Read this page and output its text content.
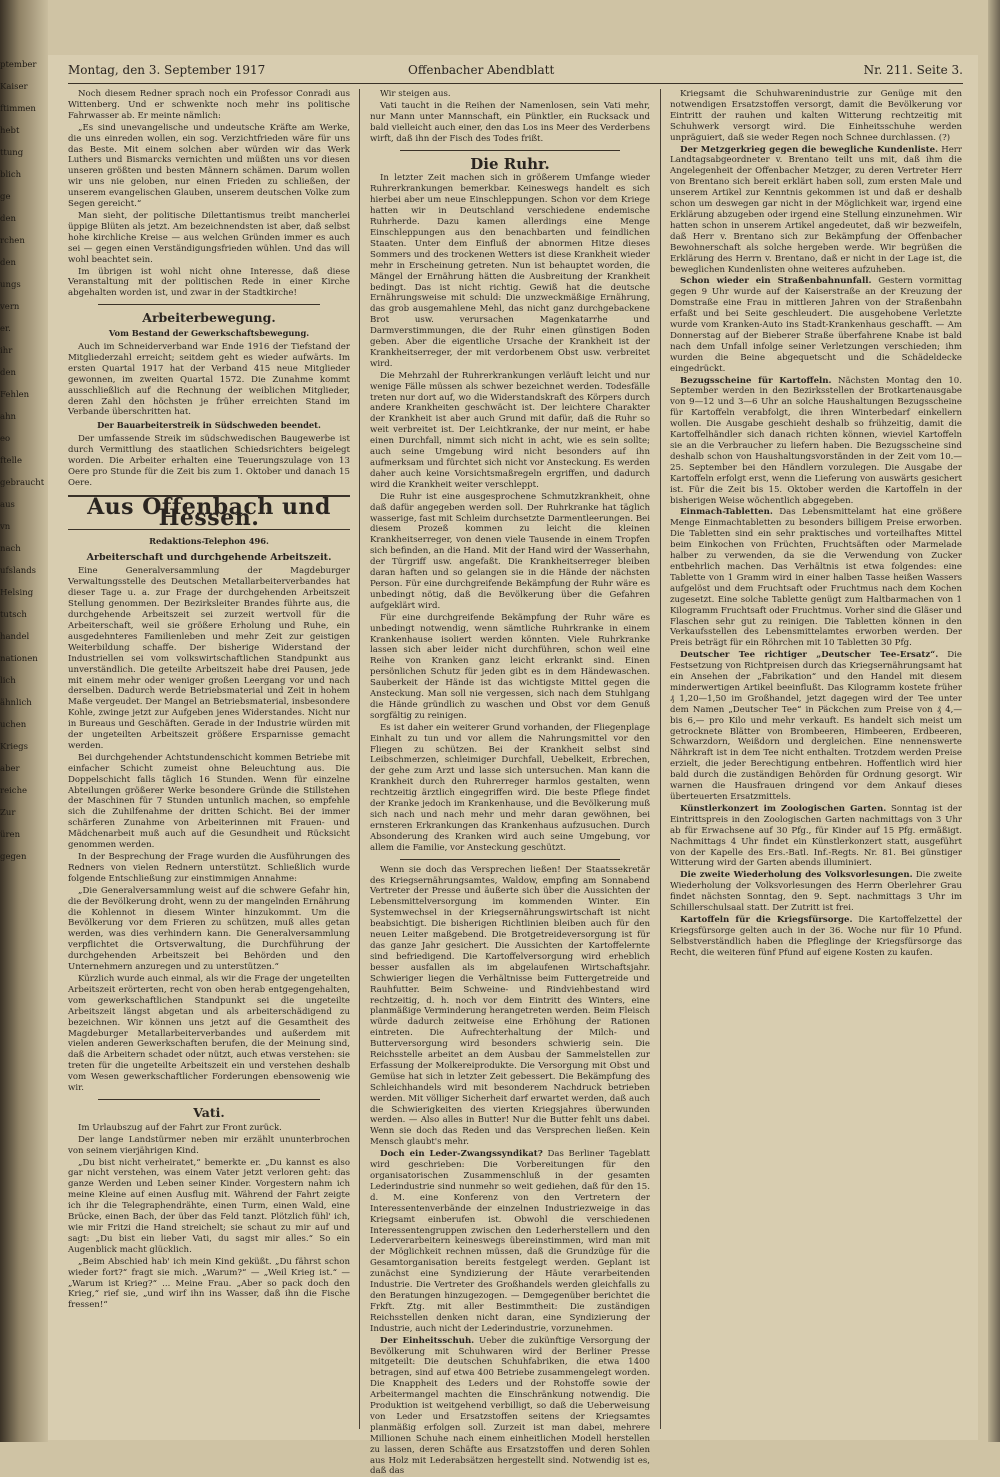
ptember
Kaiser
ftimmen
hebt
ttung
blich
ge
den
rchen
den
ungs
vern
er.
ihr
den
Fehlen
ahn
eo
ftelle
gebraucht
aus
vn
nach
ufslands
Helsing
tutsch
handel
nationen
lich
ähnlich
uchen
Kriegs
aber
reiche
Zur
üren
gegen
Montag, den 3. September 1917	Offenbacher Abendblatt	Nr. 211. Seite 3.

Noch diesem Redner sprach noch ein Professor Conradi aus Wittenberg. Und er schwenkte noch mehr ins politische Fahrwasser ab. Er meinte nämlich:

„Es sind unevangelische und undeutsche Kräfte am Werke, die uns einreden wollen, ein sog. Verzichtfrieden wäre für uns das Beste. Mit einem solchen aber würden wir das Werk Luthers und Bismarcks vernichten und müßten uns vor diesen unseren größten und besten Männern schämen. Darum wollen wir uns nie geloben, nur einen Frieden zu schließen, der unserem evangelischen Glauben, unserem deutschen Volke zum Segen gereicht.“

Man sieht, der politische Dilettantismus treibt mancherlei üppige Blüten als jetzt. Am bezeichnendsten ist aber, daß selbst hohe kirchliche Kreise — aus welchen Gründen immer es auch sei — gegen einen Verständigungsfrieden wühlen. Und das will wohl beachtet sein.

Im übrigen ist wohl nicht ohne Interesse, daß diese Veranstaltung mit der politischen Rede in einer Kirche abgehalten worden ist, und zwar in der Stadtkirche!

Arbeiterbewegung.
Vom Bestand der Gewerkschaftsbewegung.

Auch im Schneiderverband war Ende 1916 der Tiefstand der Mitgliederzahl erreicht; seitdem geht es wieder aufwärts. Im ersten Quartal 1917 hat der Verband 415 neue Mitglieder gewonnen, im zweiten Quartal 1572. Die Zunahme kommt ausschließlich auf die Rechnung der weiblichen Mitglieder, deren Zahl den höchsten je früher erreichten Stand im Verbande überschritten hat.

Der Bauarbeiterstreik in Südschweden beendet.

Der umfassende Streik im südschwedischen Baugewerbe ist durch Vermittlung des staatlichen Schiedsrichters beigelegt worden. Die Arbeiter erhalten eine Teuerungszulage von 13 Oere pro Stunde für die Zeit bis zum 1. Oktober und danach 15 Oere.

Aus Offenbach und Hessen.
Redaktions-Telephon 496.
Arbeiterschaft und durchgehende Arbeitszeit.

Eine Generalversammlung der Magdeburger Verwaltungsstelle des Deutschen Metallarbeiterverbandes hat dieser Tage u. a. zur Frage der durchgehenden Arbeitszeit Stellung genommen. Der Bezirksleiter Brandes führte aus, die durchgehende Arbeitszeit sei zurzeit wertvoll für die Arbeiterschaft, weil sie größere Erholung und Ruhe, ein ausgedehnteres Familienleben und mehr Zeit zur geistigen Weiterbildung schaffe. Der bisherige Widerstand der Industriellen sei vom volkswirtschaftlichen Standpunkt aus unverständlich. Die geteilte Arbeitszeit habe drei Pausen, jede mit einem mehr oder weniger großen Leergang vor und nach derselben. Dadurch werde Betriebsmaterial und Zeit in hohem Maße vergeudet. Der Mangel an Betriebsmaterial, insbesondere Kohle, zwinge jetzt zur Aufgeben jenes Widerstandes. Nicht nur in Bureaus und Geschäften. Gerade in der Industrie würden mit der ungeteilten Arbeitszeit größere Ersparnisse gemacht werden.

Bei durchgehender Achtstundenschicht kommen Betriebe mit einfacher Schicht zumeist ohne Beleuchtung aus. Die Doppelschicht falls täglich 16 Stunden. Wenn für einzelne Abteilungen größerer Werke besondere Gründe die Stillstehen der Maschinen für 7 Stunden untunlich machen, so empfehle sich die Zuhilfenahme der dritten Schicht. Bei der immer schärferen Zunahme von Arbeiterinnen mit Frauen- und Mädchenarbeit muß auch auf die Gesundheit und Rücksicht genommen werden.

In der Besprechung der Frage wurden die Ausführungen des Redners von vielen Rednern unterstützt. Schließlich wurde folgende Entschließung zur einstimmigen Annahme:

„Die Generalversammlung weist auf die schwere Gefahr hin, die der Bevölkerung droht, wenn zu der mangelnden Ernährung die Kohlennot in diesem Winter hinzukommt. Um die Bevölkerung vor dem Frieren zu schützen, muß alles getan werden, was dies verhindern kann. Die Generalversammlung verpflichtet die Ortsverwaltung, die Durchführung der durchgehenden Arbeitszeit bei Behörden und den Unternehmern anzuregen und zu unterstützen.“

Kürzlich wurde auch einmal, als wir die Frage der ungeteilten Arbeitszeit erörterten, recht von oben herab entgegengehalten, vom gewerkschaftlichen Standpunkt sei die ungeteilte Arbeitszeit längst abgetan und als arbeiterschädigend zu bezeichnen. Wir können uns jetzt auf die Gesamtheit des Magdeburger Metallarbeiterverbandes und außerdem mit vielen anderen Gewerkschaften berufen, die der Meinung sind, daß die Arbeitern schadet oder nützt, auch etwas verstehen: sie treten für die ungeteilte Arbeitszeit ein und verstehen deshalb vom Wesen gewerkschaftlicher Forderungen ebensowenig wie wir.

Vati.

Im Urlaubszug auf der Fahrt zur Front zurück.

Der lange Landstürmer neben mir erzählt ununterbrochen von seinem vierjährigen Kind.

„Du bist nicht verheiratet,“ bemerkte er. „Du kannst es also gar nicht verstehen, was einem Vater jetzt verloren geht: das ganze Werden und Leben seiner Kinder. Vorgestern nahm ich meine Kleine auf einen Ausflug mit. Während der Fahrt zeigte ich ihr die Telegraphendrähte, einen Turm, einen Wald, eine Brücke, einen Bach, der über das Feld tanzt. Plötzlich fühl' ich, wie mir Fritzi die Hand streichelt; sie schaut zu mir auf und sagt: „Du bist ein lieber Vati, du sagst mir alles.“ So ein Augenblick macht glücklich.

„Beim Abschied hab' ich mein Kind geküßt. „Du fährst schon wieder fort?“ fragt sie mich. „Warum?“ — „Weil Krieg ist.“ — „Warum ist Krieg?“ ... Meine Frau. „Aber so pack doch den Krieg,“ rief sie, „und wirf ihn ins Wasser, daß ihn die Fische fressen!“

Wir steigen aus.

Vati taucht in die Reihen der Namenlosen, sein Vati mehr, nur Mann unter Mannschaft, ein Pünktler, ein Rucksack und bald vielleicht auch einer, den das Los ins Meer des Verderbens wirft, daß ihn der Fisch des Todes frißt.

Die Ruhr.

In letzter Zeit machen sich in größerem Umfange wieder Ruhrerkrankungen bemerkbar. Keineswegs handelt es sich hierbei aber um neue Einschleppungen. Schon vor dem Kriege hatten wir in Deutschland verschiedene endemische Ruhrherde. Dazu kamen allerdings eine Menge Einschleppungen aus den benachbarten und feindlichen Staaten. Unter dem Einfluß der abnormen Hitze dieses Sommers und des trockenen Wetters ist diese Krankheit wieder mehr in Erscheinung getreten. Nun ist behauptet worden, die Mängel der Ernährung hätten die Ausbreitung der Krankheit bedingt. Das ist nicht richtig. Gewiß hat die deutsche Ernährungsweise mit schuld: Die unzweckmäßige Ernährung, das grob ausgemahlene Mehl, das nicht ganz durchgebackene Brot usw. verursachen Magenkatarrhe und Darmverstimmungen, die der Ruhr einen günstigen Boden geben. Aber die eigentliche Ursache der Krankheit ist der Krankheitserreger, der mit verdorbenem Obst usw. verbreitet wird.

Die Mehrzahl der Ruhrerkrankungen verläuft leicht und nur wenige Fälle müssen als schwer bezeichnet werden. Todesfälle treten nur dort auf, wo die Widerstandskraft des Körpers durch andere Krankheiten geschwächt ist. Der leichtere Charakter der Krankheit ist aber auch Grund mit dafür, daß die Ruhr so weit verbreitet ist. Der Leichtkranke, der nur meint, er habe einen Durchfall, nimmt sich nicht in acht, wie es sein sollte; auch seine Umgebung wird nicht besonders auf ihn aufmerksam und fürchtet sich nicht vor Ansteckung. Es werden daher auch keine Vorsichtsmaßregeln ergriffen, und dadurch wird die Krankheit weiter verschleppt.

Die Ruhr ist eine ausgesprochene Schmutzkrankheit, ohne daß dafür angegeben werden soll. Der Ruhrkranke hat täglich wasserige, fast mit Schleim durchsetzte Darmentleerungen. Bei diesem Prozeß kommen zu leicht die kleinen Krankheitserreger, von denen viele Tausende in einem Tropfen sich befinden, an die Hand. Mit der Hand wird der Wasserhahn, der Türgriff usw. angefaßt. Die Krankheitserreger bleiben daran haften und so gelangen sie in die Hände der nächsten Person. Für eine durchgreifende Bekämpfung der Ruhr wäre es unbedingt nötig, daß die Bevölkerung über die Gefahren aufgeklärt wird.

Für eine durchgreifende Bekämpfung der Ruhr wäre es unbedingt notwendig, wenn sämtliche Ruhrkranke in einem Krankenhause isoliert werden könnten. Viele Ruhrkranke lassen sich aber leider nicht durchführen, schon weil eine Reihe von Kranken ganz leicht erkrankt sind. Einen persönlichen Schutz für jeden gibt es in dem Händewaschen. Sauberkeit der Hände ist das wichtigste Mittel gegen die Ansteckung. Man soll nie vergessen, sich nach dem Stuhlgang die Hände gründlich zu waschen und Obst vor dem Genuß sorgfältig zu reinigen.

Es ist daher ein weiterer Grund vorhanden, der Fliegenplage Einhalt zu tun und vor allem die Nahrungsmittel vor den Fliegen zu schützen. Bei der Krankheit selbst sind Leibschmerzen, schleimiger Durchfall, Uebelkeit, Erbrechen, der gehe zum Arzt und lasse sich untersuchen. Man kann die Krankheit durch den Ruhrerreger harmlos gestalten, wenn rechtzeitig ärztlich eingegriffen wird. Die beste Pflege findet der Kranke jedoch im Krankenhause, und die Bevölkerung muß sich nach und nach mehr und mehr daran gewöhnen, bei ernsteren Erkrankungen das Krankenhaus aufzusuchen. Durch Absonderung des Kranken wird auch seine Umgebung, vor allem die Familie, vor Ansteckung geschützt.

Wenn sie doch das Versprechen ließen! Der Staatssekretär des Kriegsernährungsamtes, Waldow, empfing am Sonnabend Vertreter der Presse und äußerte sich über die Aussichten der Lebensmittelversorgung im kommenden Winter. Ein Systemwechsel in der Kriegsernährungswirtschaft ist nicht beabsichtigt. Die bisherigen Richtlinien bleiben auch für den neuen Leiter maßgebend. Die Brotgetreideversorgung ist für das ganze Jahr gesichert. Die Aussichten der Kartoffelernte sind befriedigend. Die Kartoffelversorgung wird erheblich besser ausfallen als im abgelaufenen Wirtschaftsjahr. Schwieriger liegen die Verhältnisse beim Futtergetreide und Rauhfutter. Beim Schweine- und Rindviehbestand wird rechtzeitig, d. h. noch vor dem Eintritt des Winters, eine planmäßige Verminderung herangetreten werden. Beim Fleisch würde dadurch zeitweise eine Erhöhung der Rationen eintreten. Die Aufrechterhaltung der Milch- und Butterversorgung wird besonders schwierig sein. Die Reichsstelle arbeitet an dem Ausbau der Sammelstellen zur Erfassung der Molkereiprodukte. Die Versorgung mit Obst und Gemüse hat sich in letzter Zeit gebessert. Die Bekämpfung des Schleichhandels wird mit besonderem Nachdruck betrieben werden. Mit völliger Sicherheit darf erwartet werden, daß auch die Schwierigkeiten des vierten Kriegsjahres überwunden werden. — Also alles in Butter! Nur die Butter fehlt uns dabei. Wenn sie doch das Reden und das Versprechen ließen. Kein Mensch glaubt's mehr.

Doch ein Leder-Zwangssyndikat? Das Berliner Tageblatt wird geschrieben: Die Vorbereitungen für den organisatorischen Zusammenschluß in der gesamten Lederindustrie sind nunmehr so weit gediehen, daß für den 15. d. M. eine Konferenz von den Vertretern der Interessentenverbände der einzelnen Industriezweige in das Kriegsamt einberufen ist. Obwohl die verschiedenen Interessentengruppen zwischen den Lederherstellern und den Lederverarbeitern keineswegs übereinstimmen, wird man mit der Möglichkeit rechnen müssen, daß die Grundzüge für die Gesamtorganisation bereits festgelegt werden. Geplant ist zunächst eine Syndizierung der Häute verarbeitenden Industrie. Die Vertreter des Großhandels werden gleichfalls zu den Beratungen hinzugezogen. — Demgegenüber berichtet die Frkft. Ztg. mit aller Bestimmtheit: Die zuständigen Reichsstellen denken nicht daran, eine Syndizierung der Industrie, auch nicht der Lederindustrie, vorzunehmen.

Der Einheitsschuh. Ueber die zukünftige Versorgung der Bevölkerung mit Schuhwaren wird der Berliner Presse mitgeteilt: Die deutschen Schuhfabriken, die etwa 1400 betragen, sind auf etwa 400 Betriebe zusammengelegt worden. Die Knappheit des Leders und der Rohstoffe sowie der Arbeitermangel machten die Einschränkung notwendig. Die Produktion ist weitgehend verbilligt, so daß die Ueberweisung von Leder und Ersatzstoffen seitens der Kriegsamtes planmäßig erfolgen soll. Zurzeit ist man dabei, mehrere Millionen Schuhe nach einem einheitlichen Modell herstellen zu lassen, deren Schäfte aus Ersatzstoffen und deren Sohlen aus Holz mit Lederabsätzen hergestellt sind. Notwendig ist es, daß das

Kriegsamt die Schuhwarenindustrie zur Genüge mit den notwendigen Ersatzstoffen versorgt, damit die Bevölkerung vor Eintritt der rauhen und kalten Witterung rechtzeitig mit Schuhwerk versorgt wird. Die Einheitsschuhe werden unpräguiert, daß sie weder Regen noch Schnee durchlassen. (?)

Der Metzgerkrieg gegen die bewegliche Kundenliste. Herr Landtagsabgeordneter v. Brentano teilt uns mit, daß ihm die Angelegenheit der Offenbacher Metzger, zu deren Vertreter Herr von Brentano sich bereit erklärt haben soll, zum ersten Male und unserem Artikel zur Kenntnis gekommen ist und daß er deshalb schon um deswegen gar nicht in der Möglichkeit war, irgend eine Erklärung abzugeben oder irgend eine Stellung einzunehmen. Wir hatten schon in unserem Artikel angedeutet, daß wir bezweifeln, daß Herr v. Brentano sich zur Bekämpfung der Offenbacher Bewohnerschaft als solche hergeben werde. Wir begrüßen die Erklärung des Herrn v. Brentano, daß er nicht in der Lage ist, die beweglichen Kundenlisten ohne weiteres aufzuheben.

Schon wieder ein Straßenbahnunfall. Gestern vormittag gegen 9 Uhr wurde auf der Kaiserstraße an der Kreuzung der Domstraße eine Frau in mittleren Jahren von der Straßenbahn erfaßt und bei Seite geschleudert. Die ausgehobene Verletzte wurde vom Kranken-Auto ins Stadt-Krankenhaus geschafft. — Am Donnerstag auf der Bieberer Straße überfahrene Knabe ist bald nach dem Unfall infolge seiner Verletzungen verschieden; ihm wurden die Beine abgequetscht und die Schädeldecke eingedrückt.

Bezugsscheine für Kartoffeln. Nächsten Montag den 10. September werden in den Bezirksstellen der Brotkartenausgabe von 9—12 und 3—6 Uhr an solche Haushaltungen Bezugsscheine für Kartoffeln verabfolgt, die ihren Winterbedarf einkellern wollen. Die Ausgabe geschieht deshalb so frühzeitig, damit die Kartoffelhändler sich danach richten können, wieviel Kartoffeln sie an die Verbraucher zu liefern haben. Die Bezugsscheine sind deshalb schon von Haushaltungsvorständen in der Zeit vom 10.—25. September bei den Händlern vorzulegen. Die Ausgabe der Kartoffeln erfolgt erst, wenn die Lieferung von auswärts gesichert ist. Für die Zeit bis 15. Oktober werden die Kartoffeln in der bisherigen Weise wöchentlich abgegeben.

Einmach-Tabletten. Das Lebensmittelamt hat eine größere Menge Einmachtabletten zu besonders billigem Preise erworben. Die Tabletten sind ein sehr praktisches und vorteilhaftes Mittel beim Einkochen von Früchten, Fruchtsäften oder Marmelade halber zu verwenden, da sie die Verwendung von Zucker entbehrlich machen. Das Verhältnis ist etwa folgendes: eine Tablette von 1 Gramm wird in einer halben Tasse heißen Wassers aufgelöst und dem Fruchtsaft oder Fruchtmus nach dem Kochen zugesetzt. Eine solche Tablette genügt zum Haltbarmachen von 1 Kilogramm Fruchtsaft oder Fruchtmus. Vorher sind die Gläser und Flaschen sehr gut zu reinigen. Die Tabletten können in den Verkaufsstellen des Lebensmittelamtes erworben werden. Der Preis beträgt für ein Röhrchen mit 10 Tabletten 30 Pfg.

Deutscher Tee richtiger „Deutscher Tee-Ersatz“. Die Festsetzung von Richtpreisen durch das Kriegsernährungsamt hat ein Ansehen der „Fabrikation“ und den Handel mit diesem minderwertigen Artikel beeinflußt. Das Kilogramm kostete früher ₰ 1,20—1,50 im Großhandel, jetzt dagegen wird der Tee unter dem Namen „Deutscher Tee“ in Päckchen zum Preise von ₰ 4,— bis 6,— pro Kilo und mehr verkauft. Es handelt sich meist um getrocknete Blätter von Brombeeren, Himbeeren, Erdbeeren, Schwarzdorn, Weißdorn und dergleichen. Eine nennenswerte Nährkraft ist in dem Tee nicht enthalten. Trotzdem werden Preise erzielt, die jeder Berechtigung entbehren. Hoffentlich wird hier bald durch die zuständigen Behörden für Ordnung gesorgt. Wir warnen die Hausfrauen dringend vor dem Ankauf dieses überteuerten Ersatzmittels.

Künstlerkonzert im Zoologischen Garten. Sonntag ist der Eintrittspreis in den Zoologischen Garten nachmittags von 3 Uhr ab für Erwachsene auf 30 Pfg., für Kinder auf 15 Pfg. ermäßigt. Nachmittags 4 Uhr findet ein Künstlerkonzert statt, ausgeführt von der Kapelle des Ers.-Batl. Inf.-Regts. Nr. 81. Bei günstiger Witterung wird der Garten abends illuminiert.

Die zweite Wiederholung des Volksvorlesungen. Die zweite Wiederholung der Volksvorlesungen des Herrn Oberlehrer Grau findet nächsten Sonntag, den 9. Sept. nachmittags 3 Uhr im Schillerschulsaal statt. Der Zutritt ist frei.

Kartoffeln für die Kriegsfürsorge. Die Kartoffelzettel der Kriegsfürsorge gelten auch in der 36. Woche nur für 10 Pfund. Selbstverständlich haben die Pfleglinge der Kriegsfürsorge das Recht, die weiteren fünf Pfund auf eigene Kosten zu kaufen.
